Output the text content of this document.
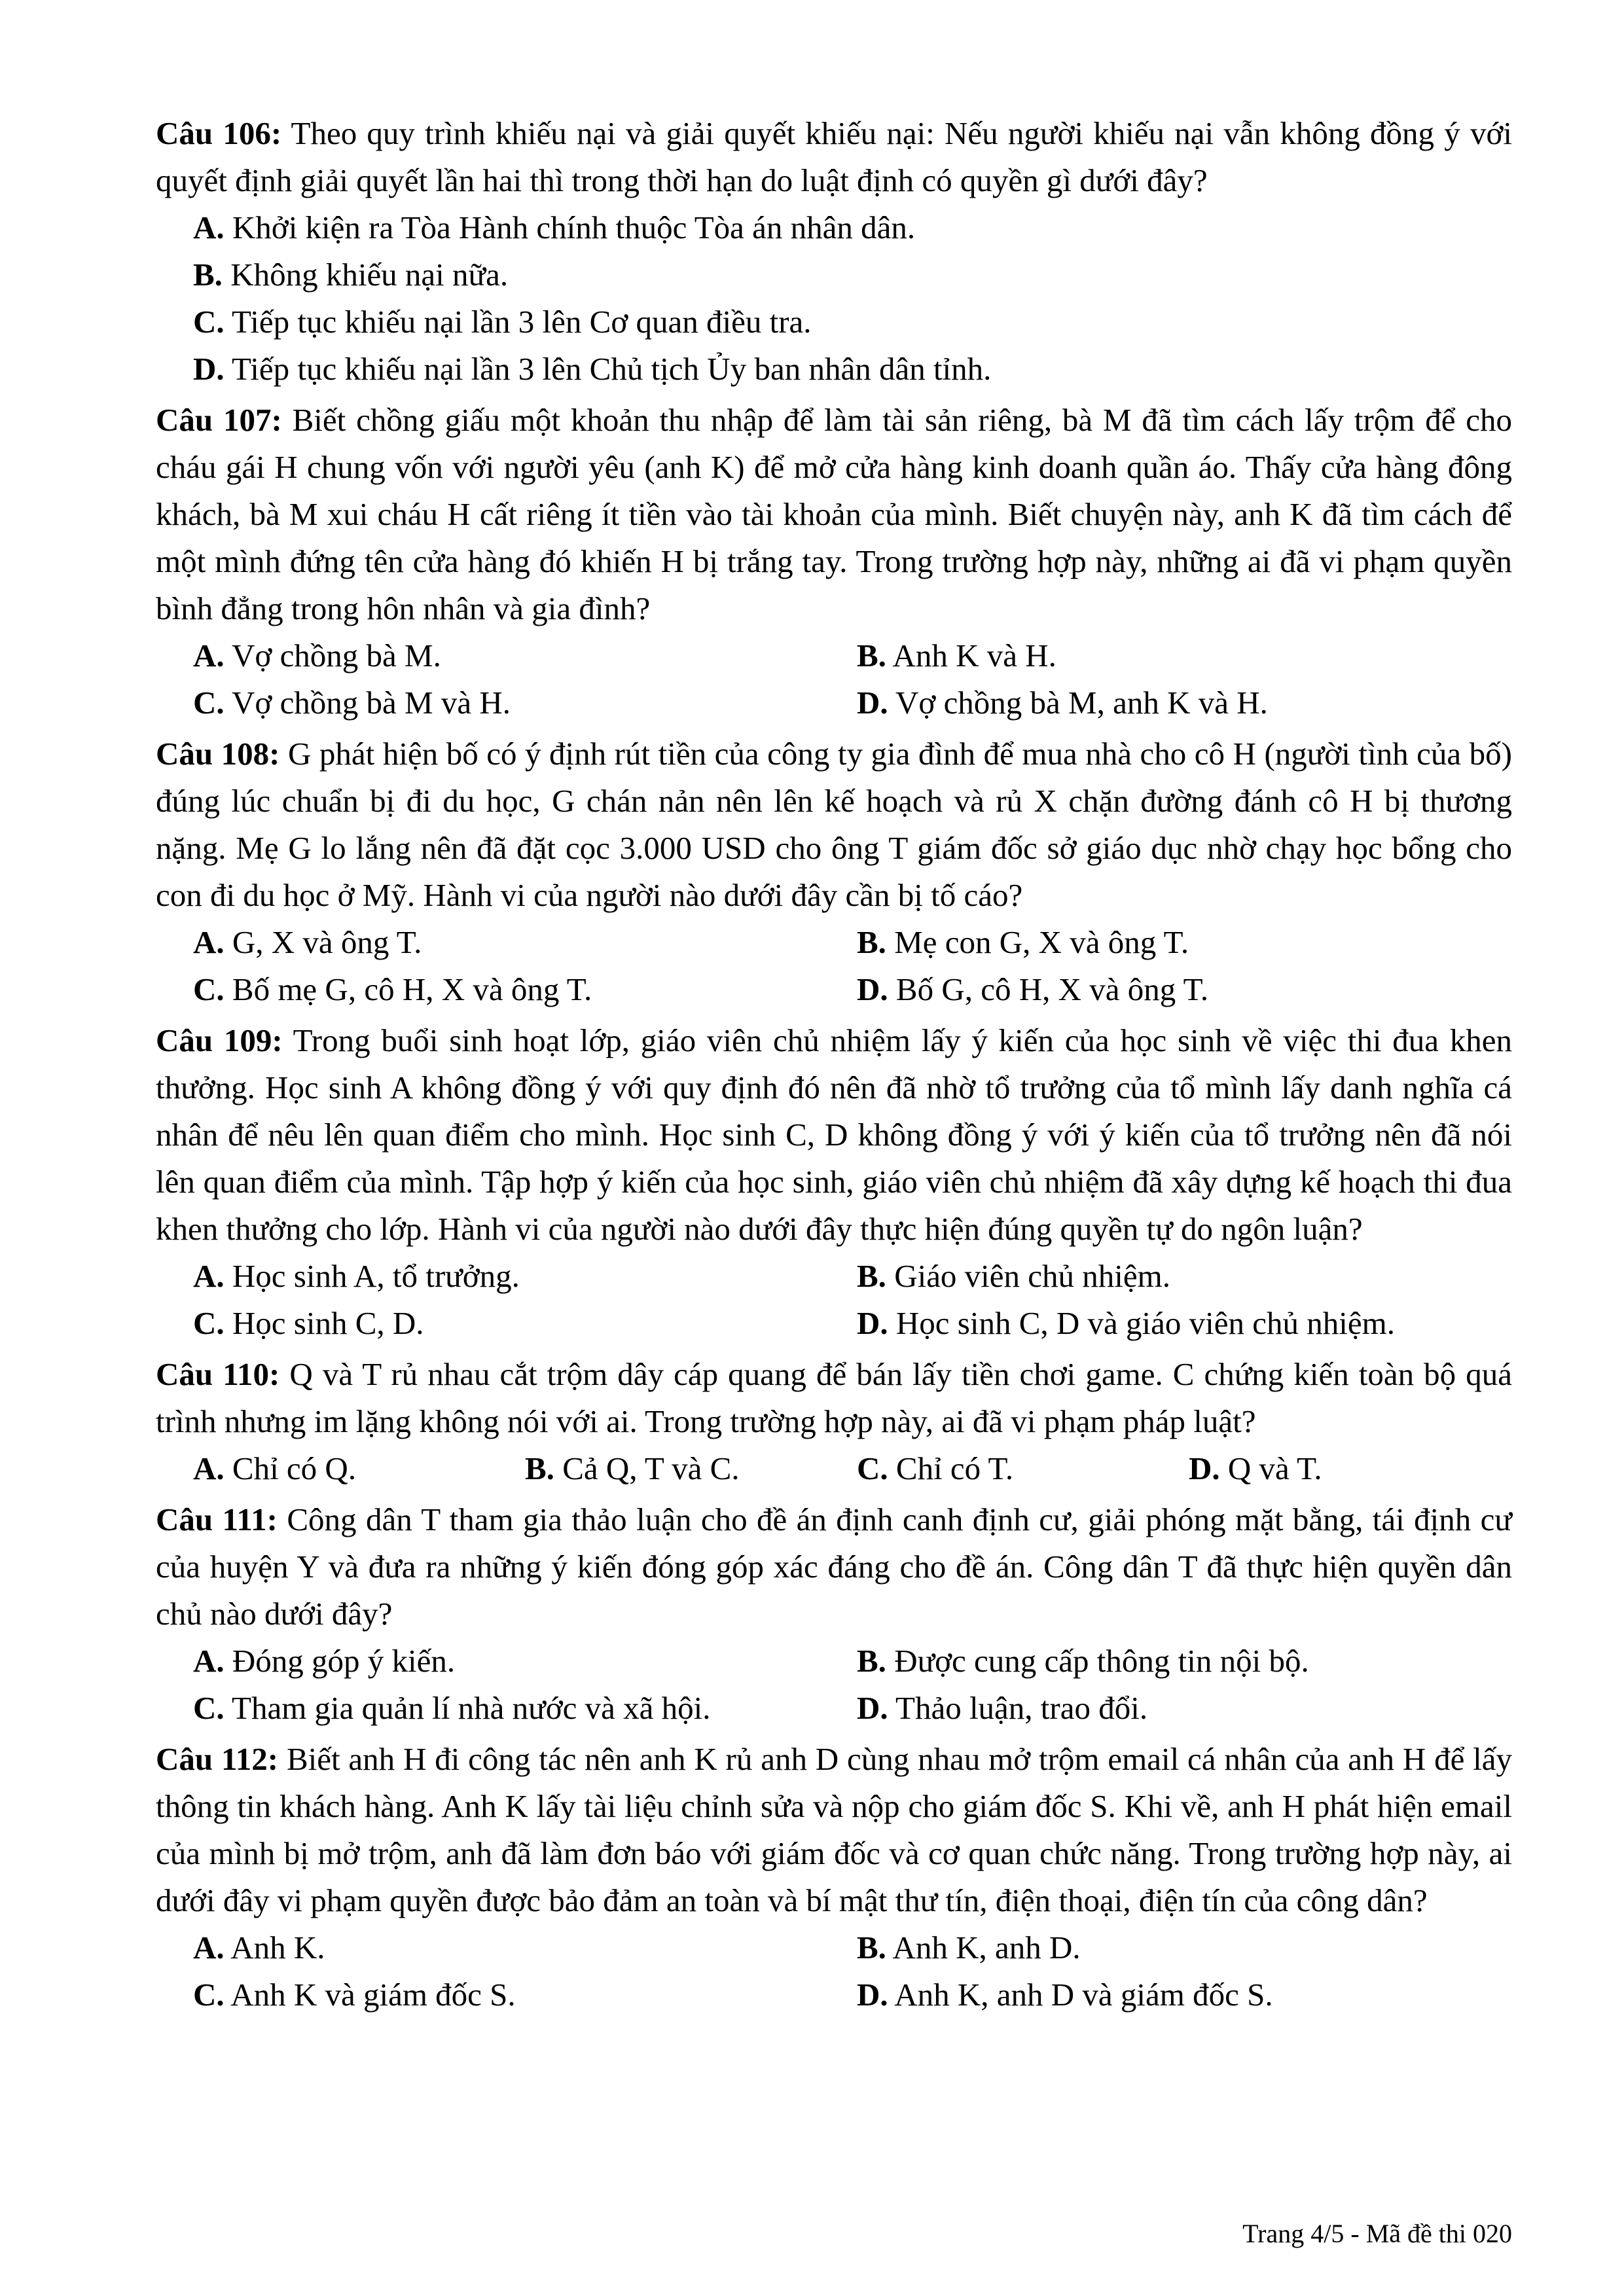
Câu 106: Theo quy trình khiếu nại và giải quyết khiếu nại: Nếu người khiếu nại vẫn không đồng ý với quyết định giải quyết lần hai thì trong thời hạn do luật định có quyền gì dưới đây?

A. Khởi kiện ra Tòa Hành chính thuộc Tòa án nhân dân.
B. Không khiếu nại nữa.
C. Tiếp tục khiếu nại lần 3 lên Cơ quan điều tra.
D. Tiếp tục khiếu nại lần 3 lên Chủ tịch Ủy ban nhân dân tỉnh.

Câu 107: Biết chồng giấu một khoản thu nhập để làm tài sản riêng, bà M đã tìm cách lấy trộm để cho cháu gái H chung vốn với người yêu (anh K) để mở cửa hàng kinh doanh quần áo. Thấy cửa hàng đông khách, bà M xui cháu H cất riêng ít tiền vào tài khoản của mình. Biết chuyện này, anh K đã tìm cách để một mình đứng tên cửa hàng đó khiến H bị trắng tay. Trong trường hợp này, những ai đã vi phạm quyền bình đẳng trong hôn nhân và gia đình?

A. Vợ chồng bà M.	B. Anh K và H.
C. Vợ chồng bà M và H.	D. Vợ chồng bà M, anh K và H.

Câu 108: G phát hiện bố có ý định rút tiền của công ty gia đình để mua nhà cho cô H (người tình của bố) đúng lúc chuẩn bị đi du học, G chán nản nên lên kế hoạch và rủ X chặn đường đánh cô H bị thương nặng. Mẹ G lo lắng nên đã đặt cọc 3.000 USD cho ông T giám đốc sở giáo dục nhờ chạy học bổng cho con đi du học ở Mỹ. Hành vi của người nào dưới đây cần bị tố cáo?

A. G, X và ông T.	B. Mẹ con G, X và ông T.
C. Bố mẹ G, cô H, X và ông T.	D. Bố G, cô H, X và ông T.

Câu 109: Trong buổi sinh hoạt lớp, giáo viên chủ nhiệm lấy ý kiến của học sinh về việc thi đua khen thưởng. Học sinh A không đồng ý với quy định đó nên đã nhờ tổ trưởng của tổ mình lấy danh nghĩa cá nhân để nêu lên quan điểm cho mình. Học sinh C, D không đồng ý với ý kiến của tổ trưởng nên đã nói lên quan điểm của mình. Tập hợp ý kiến của học sinh, giáo viên chủ nhiệm đã xây dựng kế hoạch thi đua khen thưởng cho lớp. Hành vi của người nào dưới đây thực hiện đúng quyền tự do ngôn luận?

A. Học sinh A, tổ trưởng.	B. Giáo viên chủ nhiệm.
C. Học sinh C, D.	D. Học sinh C, D và giáo viên chủ nhiệm.

Câu 110: Q và T rủ nhau cắt trộm dây cáp quang để bán lấy tiền chơi game. C chứng kiến toàn bộ quá trình nhưng im lặng không nói với ai. Trong trường hợp này, ai đã vi phạm pháp luật?

A. Chỉ có Q.	B. Cả Q, T và C.	C. Chỉ có T.	D. Q và T.

Câu 111: Công dân T tham gia thảo luận cho đề án định canh định cư, giải phóng mặt bằng, tái định cư của huyện Y và đưa ra những ý kiến đóng góp xác đáng cho đề án. Công dân T đã thực hiện quyền dân chủ nào dưới đây?

A. Đóng góp ý kiến.	B. Được cung cấp thông tin nội bộ.
C. Tham gia quản lí nhà nước và xã hội.	D. Thảo luận, trao đổi.

Câu 112: Biết anh H đi công tác nên anh K rủ anh D cùng nhau mở trộm email cá nhân của anh H để lấy thông tin khách hàng. Anh K lấy tài liệu chỉnh sửa và nộp cho giám đốc S. Khi về, anh H phát hiện email của mình bị mở trộm, anh đã làm đơn báo với giám đốc và cơ quan chức năng. Trong trường hợp này, ai dưới đây vi phạm quyền được bảo đảm an toàn và bí mật thư tín, điện thoại, điện tín của công dân?

A. Anh K.	B. Anh K, anh D.
C. Anh K và giám đốc S.	D. Anh K, anh D và giám đốc S.
Trang 4/5 - Mã đề thi 020
